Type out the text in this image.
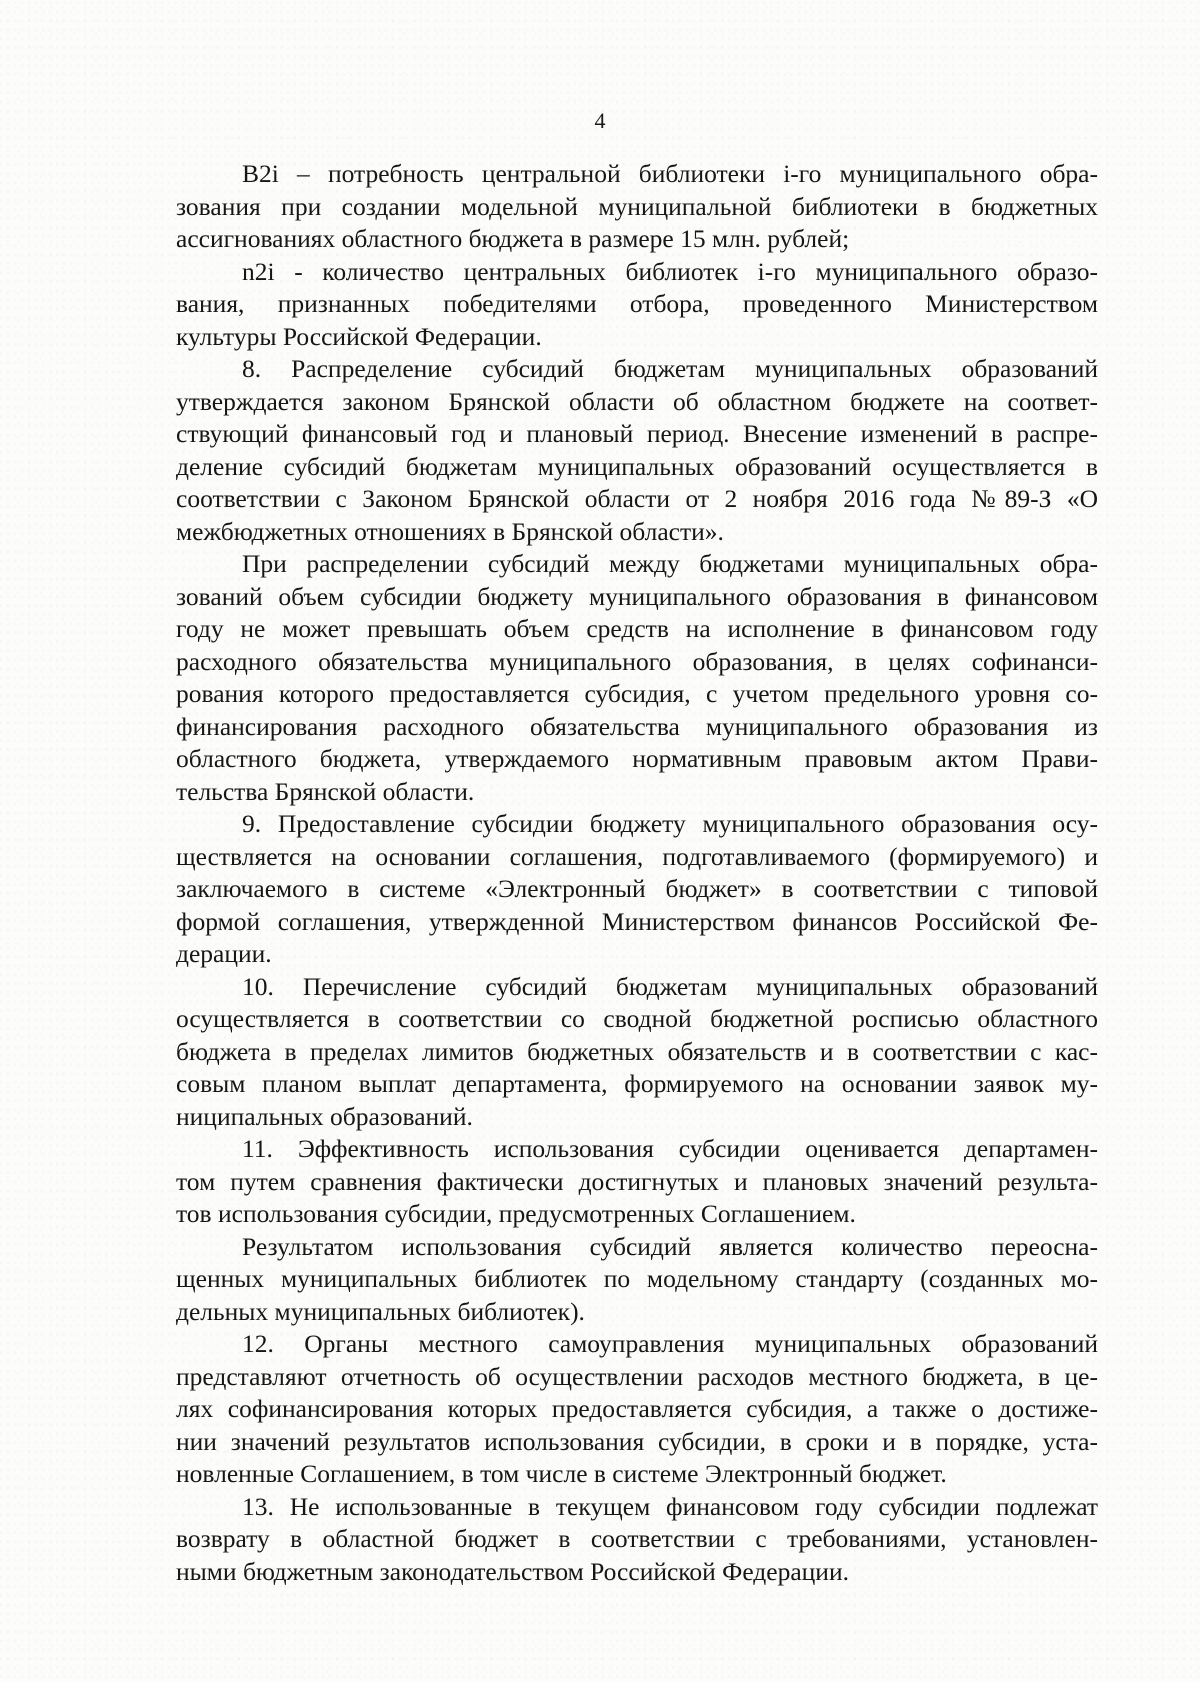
4

B2i – потребность центральной библиотеки i-го муниципального обра-
зования при создании модельной муниципальной библиотеки в бюджетных
ассигнованиях областного бюджета в размере 15 млн. рублей;

n2i - количество центральных библиотек i-го муниципального образо-
вания, признанных победителями отбора, проведенного Министерством
культуры Российской Федерации.

8. Распределение субсидий бюджетам муниципальных образований
утверждается законом Брянской области об областном бюджете на соответ-
ствующий финансовый год и плановый период. Внесение изменений в распре-
деление субсидий бюджетам муниципальных образований осуществляется в
соответствии с Законом Брянской области от 2 ноября 2016 года №89-З «О
межбюджетных отношениях в Брянской области».

При распределении субсидий между бюджетами муниципальных обра-
зований объем субсидии бюджету муниципального образования в финансовом
году не может превышать объем средств на исполнение в финансовом году
расходного обязательства муниципального образования, в целях софинанси-
рования которого предоставляется субсидия, с учетом предельного уровня со-
финансирования расходного обязательства муниципального образования из
областного бюджета, утверждаемого нормативным правовым актом Прави-
тельства Брянской области.

9. Предоставление субсидии бюджету муниципального образования осу-
ществляется на основании соглашения, подготавливаемого (формируемого) и
заключаемого в системе «Электронный бюджет» в соответствии с типовой
формой соглашения, утвержденной Министерством финансов Российской Фе-
дерации.

10. Перечисление субсидий бюджетам муниципальных образований
осуществляется в соответствии со сводной бюджетной росписью областного
бюджета в пределах лимитов бюджетных обязательств и в соответствии с кас-
совым планом выплат департамента, формируемого на основании заявок му-
ниципальных образований.

11. Эффективность использования субсидии оценивается департамен-
том путем сравнения фактически достигнутых и плановых значений результа-
тов использования субсидии, предусмотренных Соглашением.

Результатом использования субсидий является количество переосна-
щенных муниципальных библиотек по модельному стандарту (созданных мо-
дельных муниципальных библиотек).

12. Органы местного самоуправления муниципальных образований
представляют отчетность об осуществлении расходов местного бюджета, в це-
лях софинансирования которых предоставляется субсидия, а также о достиже-
нии значений результатов использования субсидии, в сроки и в порядке, уста-
новленные Соглашением, в том числе в системе Электронный бюджет.

13. Не использованные в текущем финансовом году субсидии подлежат
возврату в областной бюджет в соответствии с требованиями, установлен-
ными бюджетным законодательством Российской Федерации.
